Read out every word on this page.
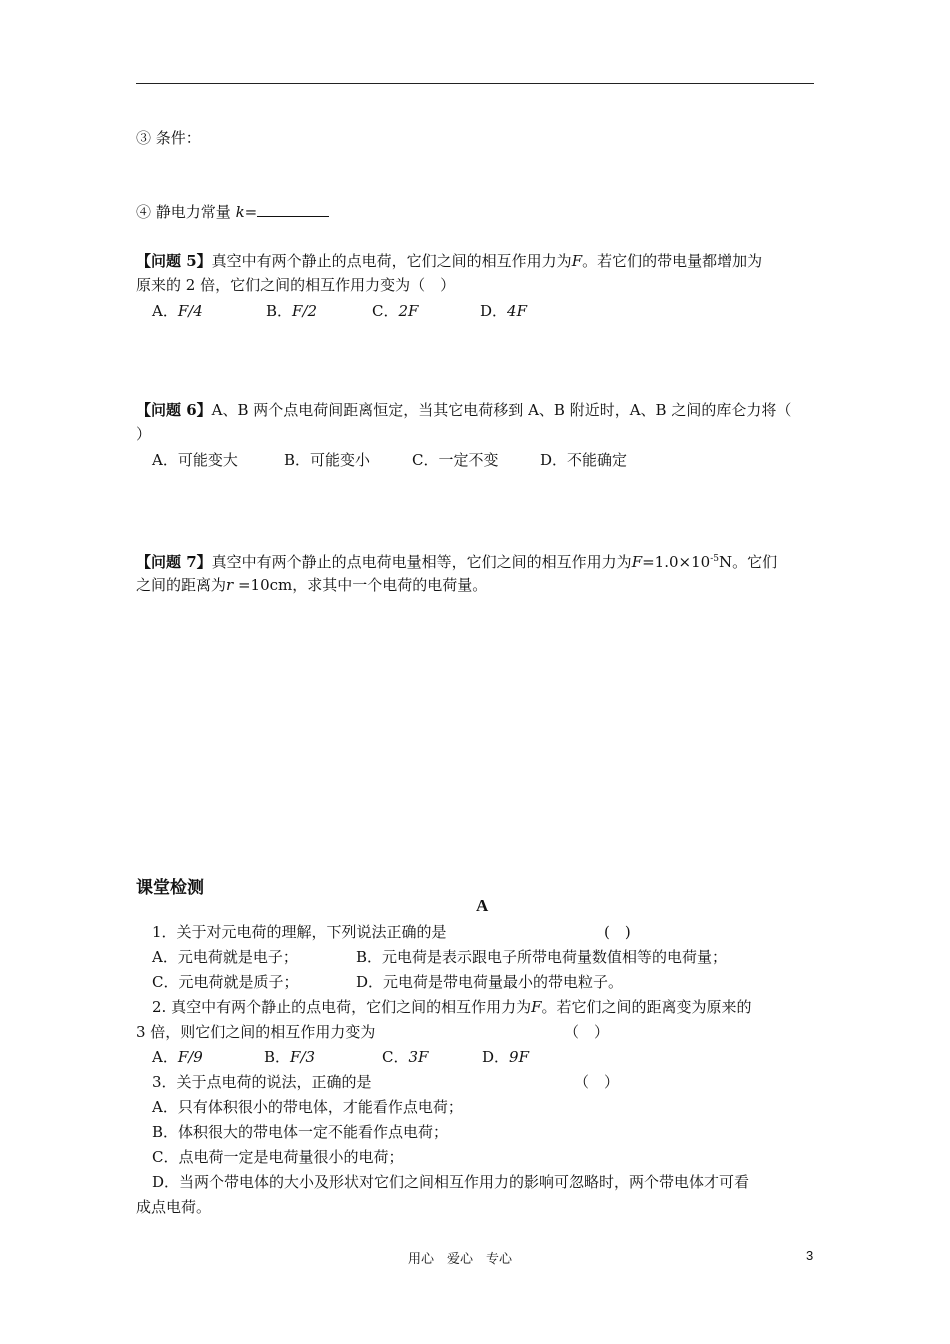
③ 条件：
④ 静电力常量 k=
【问题 5】真空中有两个静止的点电荷，它们之间的相互作用力为F。若它们的带电量都增加为
原来的 2 倍，它们之间的相互作用力变为（　）
A．F/4	B．F/2	C．2F	D．4F
【问题 6】A、B 两个点电荷间距离恒定，当其它电荷移到 A、B 附近时，A、B 之间的库仑力将（
）
A．可能变大	B．可能变小	C．一定不变	D．不能确定
【问题 7】真空中有两个静止的点电荷电量相等，它们之间的相互作用力为$F=1.0\times 10^{-5}N$。它们
之间的距离为r =10cm，求其中一个电荷的电荷量。
课堂检测
A
1．关于对元电荷的理解，下列说法正确的是	(　)
A．元电荷就是电子；	B．元电荷是表示跟电子所带电荷量数值相等的电荷量；
C．元电荷就是质子；	D．元电荷是带电荷量最小的带电粒子。
2. 真空中有两个静止的点电荷，它们之间的相互作用力为F。若它们之间的距离变为原来的
3 倍，则它们之间的相互作用力变为	（　）
A．F/9	B．F/3	C．3F	D．9F
3．关于点电荷的说法，正确的是	（　）
A．只有体积很小的带电体，才能看作点电荷；
B．体积很大的带电体一定不能看作点电荷；
C．点电荷一定是电荷量很小的电荷；
D．当两个带电体的大小及形状对它们之间相互作用力的影响可忽略时，两个带电体才可看
成点电荷。
用心　爱心　专心	3
